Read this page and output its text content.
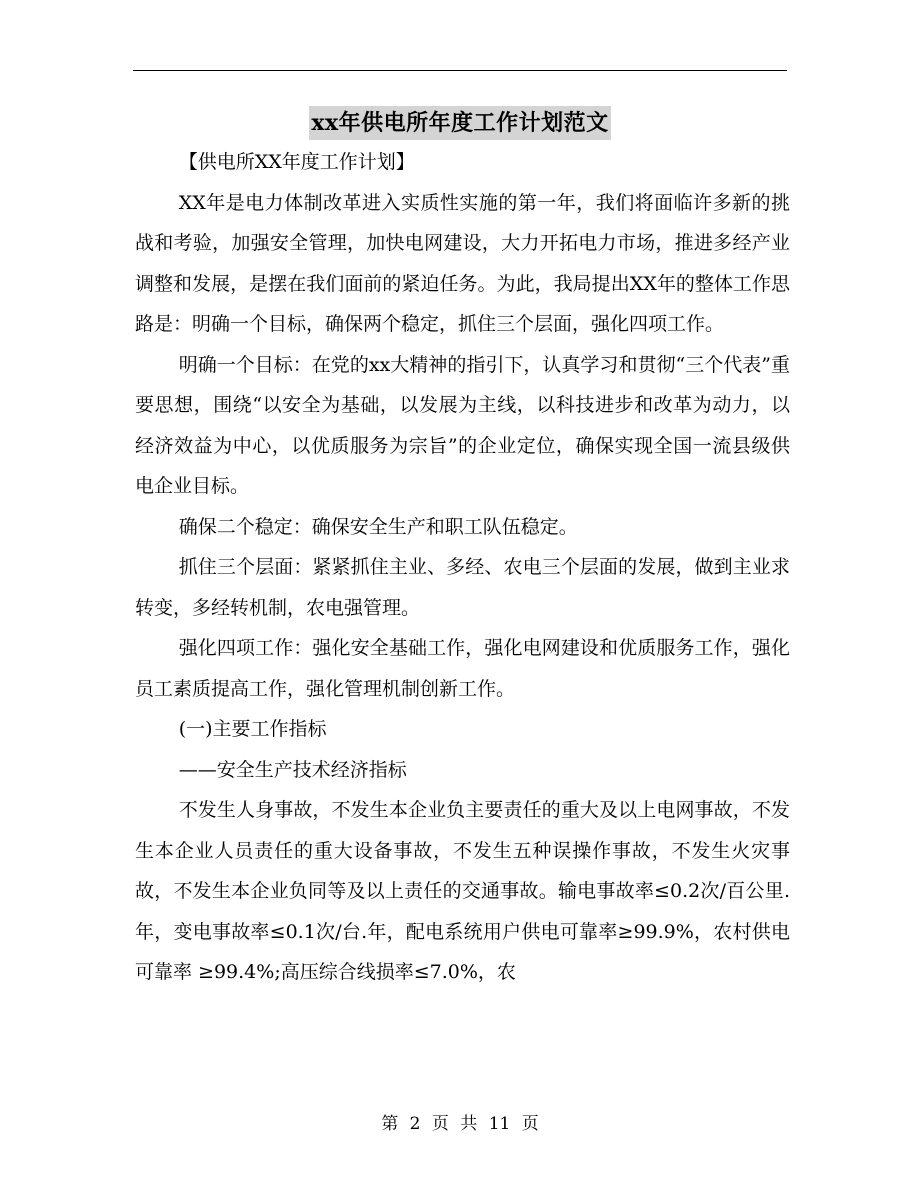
xx年供电所年度工作计划范文

【供电所XX年度工作计划】

XX年是电力体制改革进入实质性实施的第一年，我们将面临许多新的挑战和考验，加强安全管理，加快电网建设，大力开拓电力市场，推进多经产业调整和发展，是摆在我们面前的紧迫任务。为此，我局提出XX年的整体工作思路是：明确一个目标，确保两个稳定，抓住三个层面，强化四项工作。

明确一个目标：在党的xx大精神的指引下，认真学习和贯彻“三个代表”重要思想，围绕“以安全为基础，以发展为主线，以科技进步和改革为动力，以经济效益为中心，以优质服务为宗旨”的企业定位，确保实现全国一流县级供电企业目标。

确保二个稳定：确保安全生产和职工队伍稳定。

抓住三个层面：紧紧抓住主业、多经、农电三个层面的发展，做到主业求转变，多经转机制，农电强管理。

强化四项工作：强化安全基础工作，强化电网建设和优质服务工作，强化员工素质提高工作，强化管理机制创新工作。

(一)主要工作指标

——安全生产技术经济指标

不发生人身事故，不发生本企业负主要责任的重大及以上电网事故，不发生本企业人员责任的重大设备事故，不发生五种误操作事故，不发生火灾事故，不发生本企业负同等及以上责任的交通事故。输电事故率≤0.2次/百公里.年，变电事故率≤0.1次/台.年，配电系统用户供电可靠率≥99.9%，农村供电可靠率 ≥99.4%;高压综合线损率≤7.0%，农

第 2 页 共 11 页
